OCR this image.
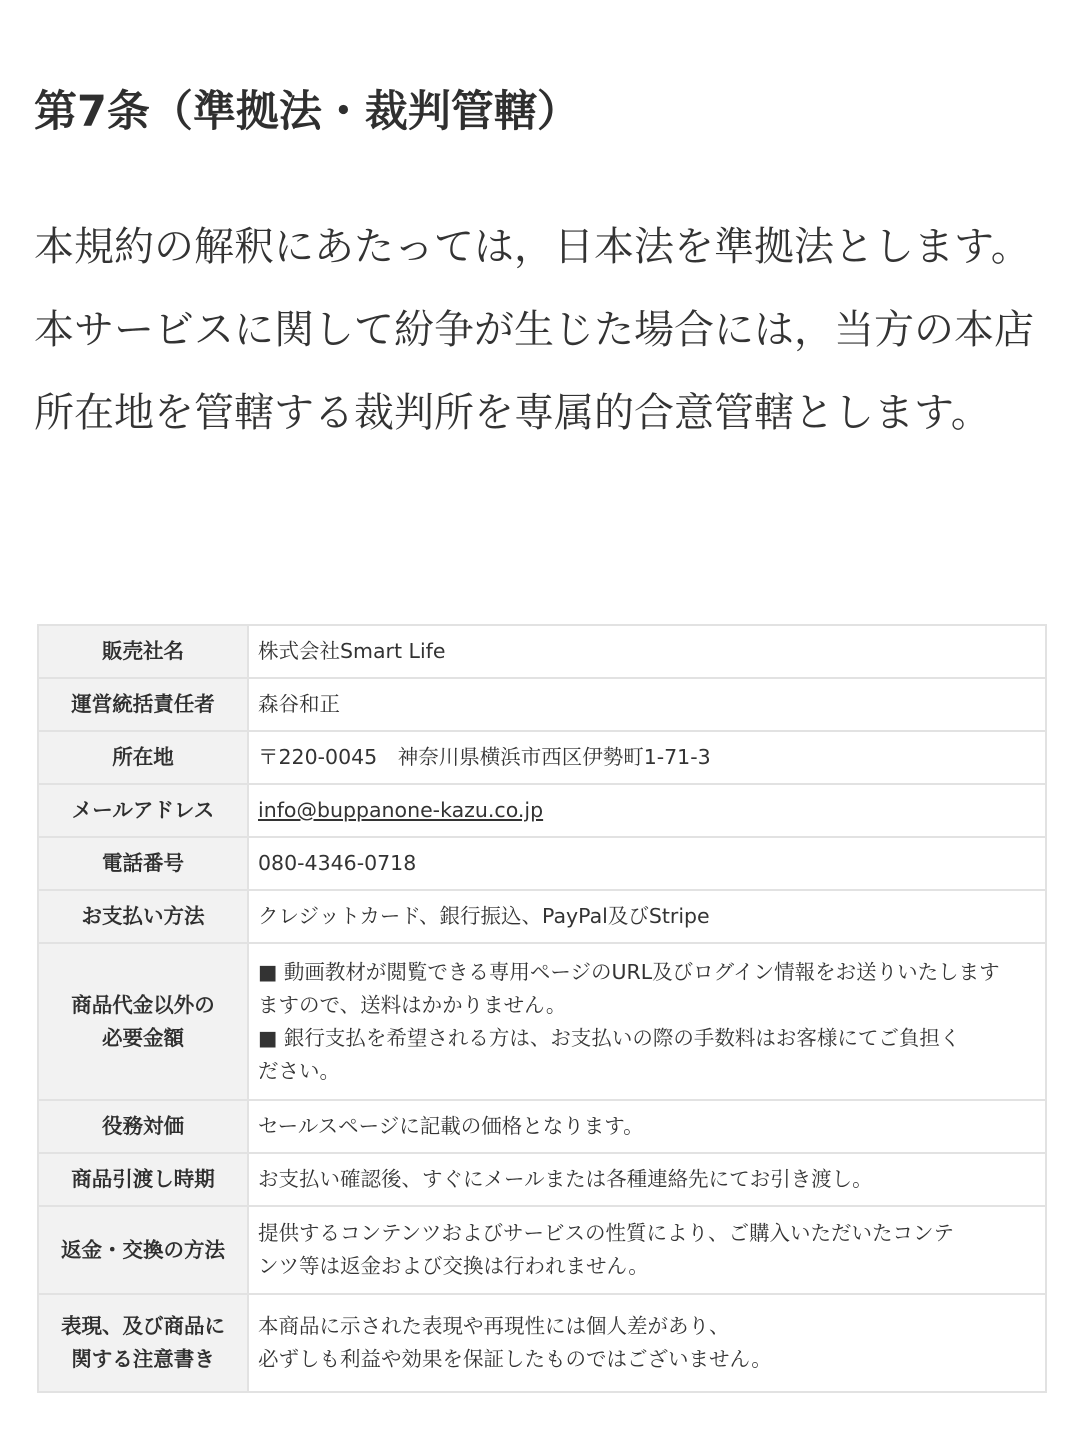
第7条（準拠法・裁判管轄）

本規約の解釈にあたっては，日本法を準拠法とします。本サービスに関して紛争が生じた場合には，当方の本店所在地を管轄する裁判所を専属的合意管轄とします。

販売社名	株式会社Smart Life
運営統括責任者	森谷和正
所在地	〒220-0045　神奈川県横浜市西区伊勢町1-71-3
メールアドレス	info@buppanone-kazu.co.jp
電話番号	080-4346-0718
お支払い方法	クレジットカード、銀行振込、PayPal及びStripe

商品代金以外の
必要金額	■ 動画教材が閲覧できる専用ページのURL及びログイン情報をお送りいたします
ますので、送料はかかりません。
■ 銀行支払を希望される方は、お支払いの際の手数料はお客様にてご負担く
ださい。

役務対価	セールスページに記載の価格となります。
商品引渡し時期	お支払い確認後、すぐにメールまたは各種連絡先にてお引き渡し。
返金・交換の方法	提供するコンテンツおよびサービスの性質により、ご購入いただいたコンテ
ンツ等は返金および交換は行われません。

表現、及び商品に
関する注意書き	本商品に示された表現や再現性には個人差があり、
必ずしも利益や効果を保証したものではございません。
